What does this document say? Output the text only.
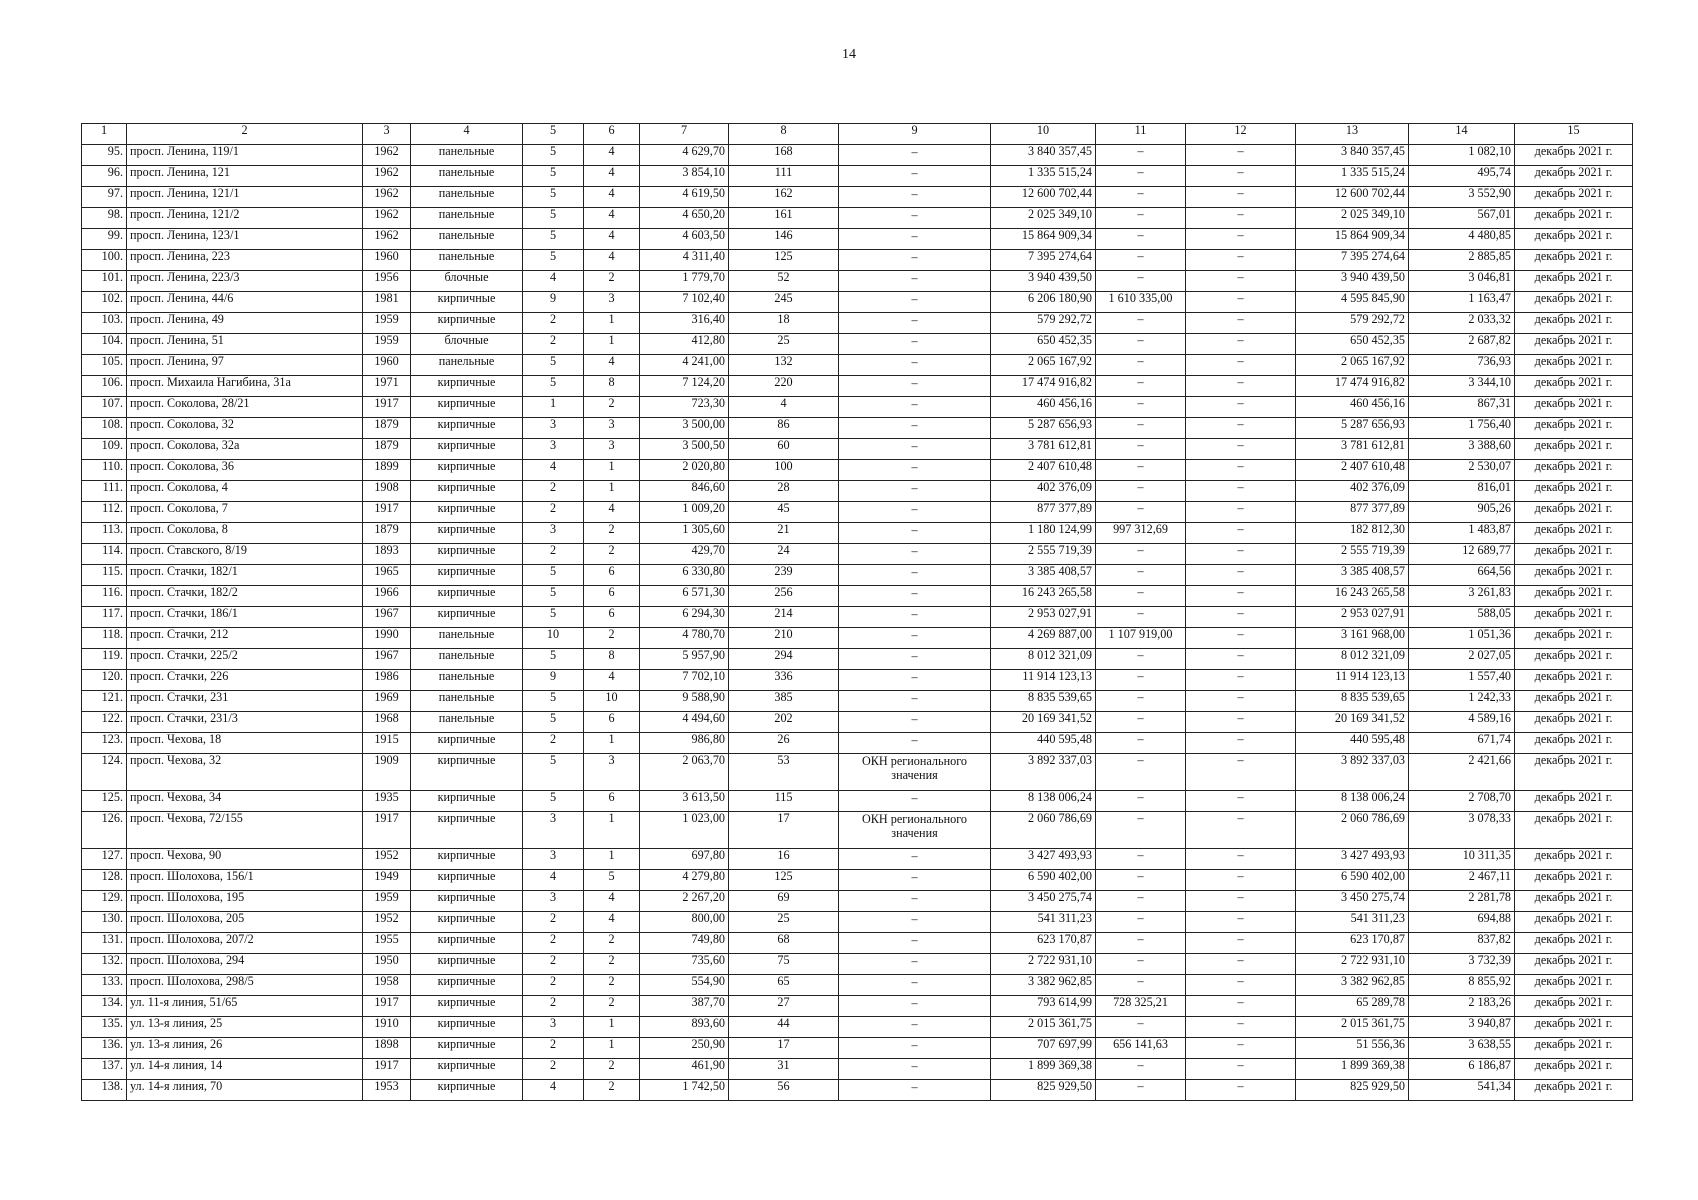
14
1	2	3	4	5	6	7	8	9	10	11	12	13	14	15
95.	просп. Ленина, 119/1	1962	панельные	5	4	4 629,70	168	–	3 840 357,45	–	–	3 840 357,45	1 082,10	декабрь 2021 г.
96.	просп. Ленина, 121	1962	панельные	5	4	3 854,10	111	–	1 335 515,24	–	–	1 335 515,24	495,74	декабрь 2021 г.
97.	просп. Ленина, 121/1	1962	панельные	5	4	4 619,50	162	–	12 600 702,44	–	–	12 600 702,44	3 552,90	декабрь 2021 г.
98.	просп. Ленина, 121/2	1962	панельные	5	4	4 650,20	161	–	2 025 349,10	–	–	2 025 349,10	567,01	декабрь 2021 г.
99.	просп. Ленина, 123/1	1962	панельные	5	4	4 603,50	146	–	15 864 909,34	–	–	15 864 909,34	4 480,85	декабрь 2021 г.
100.	просп. Ленина, 223	1960	панельные	5	4	4 311,40	125	–	7 395 274,64	–	–	7 395 274,64	2 885,85	декабрь 2021 г.
101.	просп. Ленина, 223/3	1956	блочные	4	2	1 779,70	52	–	3 940 439,50	–	–	3 940 439,50	3 046,81	декабрь 2021 г.
102.	просп. Ленина, 44/6	1981	кирпичные	9	3	7 102,40	245	–	6 206 180,90	1 610 335,00	–	4 595 845,90	1 163,47	декабрь 2021 г.
103.	просп. Ленина, 49	1959	кирпичные	2	1	316,40	18	–	579 292,72	–	–	579 292,72	2 033,32	декабрь 2021 г.
104.	просп. Ленина, 51	1959	блочные	2	1	412,80	25	–	650 452,35	–	–	650 452,35	2 687,82	декабрь 2021 г.
105.	просп. Ленина, 97	1960	панельные	5	4	4 241,00	132	–	2 065 167,92	–	–	2 065 167,92	736,93	декабрь 2021 г.
106.	просп. Михаила Нагибина, 31а	1971	кирпичные	5	8	7 124,20	220	–	17 474 916,82	–	–	17 474 916,82	3 344,10	декабрь 2021 г.
107.	просп. Соколова, 28/21	1917	кирпичные	1	2	723,30	4	–	460 456,16	–	–	460 456,16	867,31	декабрь 2021 г.
108.	просп. Соколова, 32	1879	кирпичные	3	3	3 500,00	86	–	5 287 656,93	–	–	5 287 656,93	1 756,40	декабрь 2021 г.
109.	просп. Соколова, 32а	1879	кирпичные	3	3	3 500,50	60	–	3 781 612,81	–	–	3 781 612,81	3 388,60	декабрь 2021 г.
110.	просп. Соколова, 36	1899	кирпичные	4	1	2 020,80	100	–	2 407 610,48	–	–	2 407 610,48	2 530,07	декабрь 2021 г.
111.	просп. Соколова, 4	1908	кирпичные	2	1	846,60	28	–	402 376,09	–	–	402 376,09	816,01	декабрь 2021 г.
112.	просп. Соколова, 7	1917	кирпичные	2	4	1 009,20	45	–	877 377,89	–	–	877 377,89	905,26	декабрь 2021 г.
113.	просп. Соколова, 8	1879	кирпичные	3	2	1 305,60	21	–	1 180 124,99	997 312,69	–	182 812,30	1 483,87	декабрь 2021 г.
114.	просп. Ставского, 8/19	1893	кирпичные	2	2	429,70	24	–	2 555 719,39	–	–	2 555 719,39	12 689,77	декабрь 2021 г.
115.	просп. Стачки, 182/1	1965	кирпичные	5	6	6 330,80	239	–	3 385 408,57	–	–	3 385 408,57	664,56	декабрь 2021 г.
116.	просп. Стачки, 182/2	1966	кирпичные	5	6	6 571,30	256	–	16 243 265,58	–	–	16 243 265,58	3 261,83	декабрь 2021 г.
117.	просп. Стачки, 186/1	1967	кирпичные	5	6	6 294,30	214	–	2 953 027,91	–	–	2 953 027,91	588,05	декабрь 2021 г.
118.	просп. Стачки, 212	1990	панельные	10	2	4 780,70	210	–	4 269 887,00	1 107 919,00	–	3 161 968,00	1 051,36	декабрь 2021 г.
119.	просп. Стачки, 225/2	1967	панельные	5	8	5 957,90	294	–	8 012 321,09	–	–	8 012 321,09	2 027,05	декабрь 2021 г.
120.	просп. Стачки, 226	1986	панельные	9	4	7 702,10	336	–	11 914 123,13	–	–	11 914 123,13	1 557,40	декабрь 2021 г.
121.	просп. Стачки, 231	1969	панельные	5	10	9 588,90	385	–	8 835 539,65	–	–	8 835 539,65	1 242,33	декабрь 2021 г.
122.	просп. Стачки, 231/3	1968	панельные	5	6	4 494,60	202	–	20 169 341,52	–	–	20 169 341,52	4 589,16	декабрь 2021 г.
123.	просп. Чехова, 18	1915	кирпичные	2	1	986,80	26	–	440 595,48	–	–	440 595,48	671,74	декабрь 2021 г.
124.	просп. Чехова, 32	1909	кирпичные	5	3	2 063,70	53	ОКН регионального значения	3 892 337,03	–	–	3 892 337,03	2 421,66	декабрь 2021 г.
125.	просп. Чехова, 34	1935	кирпичные	5	6	3 613,50	115	–	8 138 006,24	–	–	8 138 006,24	2 708,70	декабрь 2021 г.
126.	просп. Чехова, 72/155	1917	кирпичные	3	1	1 023,00	17	ОКН регионального значения	2 060 786,69	–	–	2 060 786,69	3 078,33	декабрь 2021 г.
127.	просп. Чехова, 90	1952	кирпичные	3	1	697,80	16	–	3 427 493,93	–	–	3 427 493,93	10 311,35	декабрь 2021 г.
128.	просп. Шолохова, 156/1	1949	кирпичные	4	5	4 279,80	125	–	6 590 402,00	–	–	6 590 402,00	2 467,11	декабрь 2021 г.
129.	просп. Шолохова, 195	1959	кирпичные	3	4	2 267,20	69	–	3 450 275,74	–	–	3 450 275,74	2 281,78	декабрь 2021 г.
130.	просп. Шолохова, 205	1952	кирпичные	2	4	800,00	25	–	541 311,23	–	–	541 311,23	694,88	декабрь 2021 г.
131.	просп. Шолохова, 207/2	1955	кирпичные	2	2	749,80	68	–	623 170,87	–	–	623 170,87	837,82	декабрь 2021 г.
132.	просп. Шолохова, 294	1950	кирпичные	2	2	735,60	75	–	2 722 931,10	–	–	2 722 931,10	3 732,39	декабрь 2021 г.
133.	просп. Шолохова, 298/5	1958	кирпичные	2	2	554,90	65	–	3 382 962,85	–	–	3 382 962,85	8 855,92	декабрь 2021 г.
134.	ул. 11-я линия, 51/65	1917	кирпичные	2	2	387,70	27	–	793 614,99	728 325,21	–	65 289,78	2 183,26	декабрь 2021 г.
135.	ул. 13-я линия, 25	1910	кирпичные	3	1	893,60	44	–	2 015 361,75	–	–	2 015 361,75	3 940,87	декабрь 2021 г.
136.	ул. 13-я линия, 26	1898	кирпичные	2	1	250,90	17	–	707 697,99	656 141,63	–	51 556,36	3 638,55	декабрь 2021 г.
137.	ул. 14-я линия, 14	1917	кирпичные	2	2	461,90	31	–	1 899 369,38	–	–	1 899 369,38	6 186,87	декабрь 2021 г.
138.	ул. 14-я линия, 70	1953	кирпичные	4	2	1 742,50	56	–	825 929,50	–	–	825 929,50	541,34	декабрь 2021 г.
